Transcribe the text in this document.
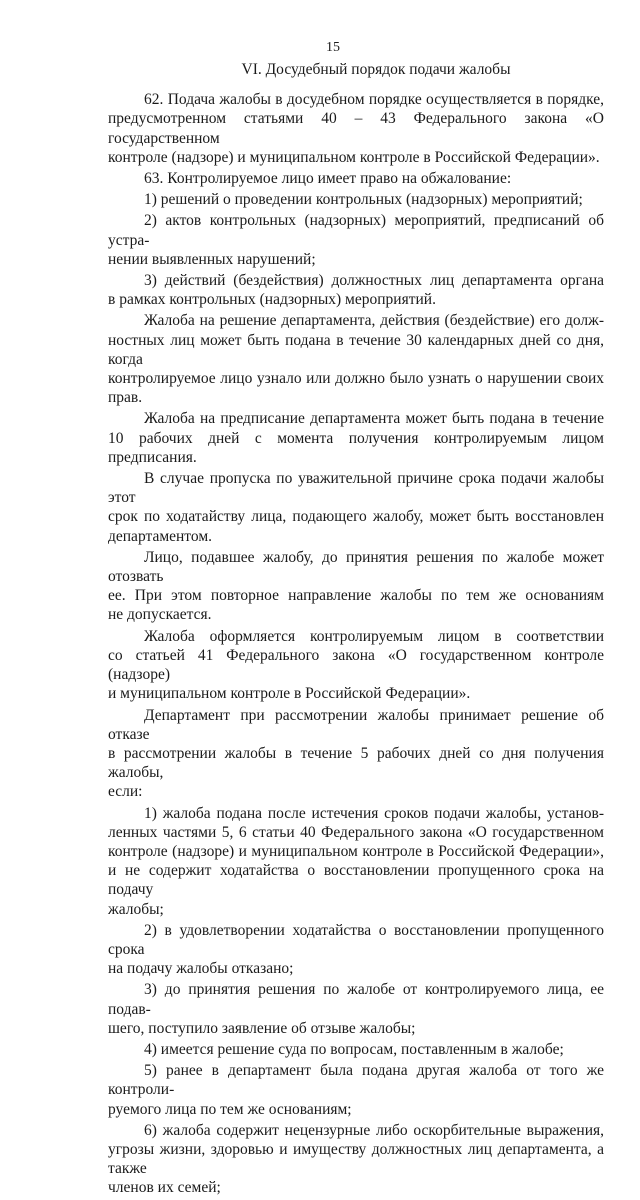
15
VI. Досудебный порядок подачи жалобы
62. Подача жалобы в досудебном порядке осуществляется в порядке,
предусмотренном статьями 40 – 43 Федерального закона «О государственном
контроле (надзоре) и муниципальном контроле в Российской Федерации».
63. Контролируемое лицо имеет право на обжалование:
1) решений о проведении контрольных (надзорных) мероприятий;
2) актов контрольных (надзорных) мероприятий, предписаний об устра-
нении выявленных нарушений;
3) действий (бездействия) должностных лиц департамента органа
в рамках контрольных (надзорных) мероприятий.
Жалоба на решение департамента, действия (бездействие) его долж-
ностных лиц может быть подана в течение 30 календарных дней со дня, когда
контролируемое лицо узнало или должно было узнать о нарушении своих
прав.
Жалоба на предписание департамента может быть подана в течение
10 рабочих дней с момента получения контролируемым лицом предписания.
В случае пропуска по уважительной причине срока подачи жалобы этот
срок по ходатайству лица, подающего жалобу, может быть восстановлен
департаментом.
Лицо, подавшее жалобу, до принятия решения по жалобе может отозвать
ее. При этом повторное направление жалобы по тем же основаниям
не допускается.
Жалоба оформляется контролируемым лицом в соответствии
со статьей 41 Федерального закона «О государственном контроле (надзоре)
и муниципальном контроле в Российской Федерации».
Департамент при рассмотрении жалобы принимает решение об отказе
в рассмотрении жалобы в течение 5 рабочих дней со дня получения жалобы,
если:
1) жалоба подана после истечения сроков подачи жалобы, установ-
ленных частями 5, 6 статьи 40 Федерального закона «О государственном
контроле (надзоре) и муниципальном контроле в Российской Федерации»,
и не содержит ходатайства о восстановлении пропущенного срока на подачу
жалобы;
2) в удовлетворении ходатайства о восстановлении пропущенного срока
на подачу жалобы отказано;
3) до принятия решения по жалобе от контролируемого лица, ее подав-
шего, поступило заявление об отзыве жалобы;
4) имеется решение суда по вопросам, поставленным в жалобе;
5) ранее в департамент была подана другая жалоба от того же контроли-
руемого лица по тем же основаниям;
6) жалоба содержит нецензурные либо оскорбительные выражения,
угрозы жизни, здоровью и имуществу должностных лиц департамента, а также
членов их семей;
